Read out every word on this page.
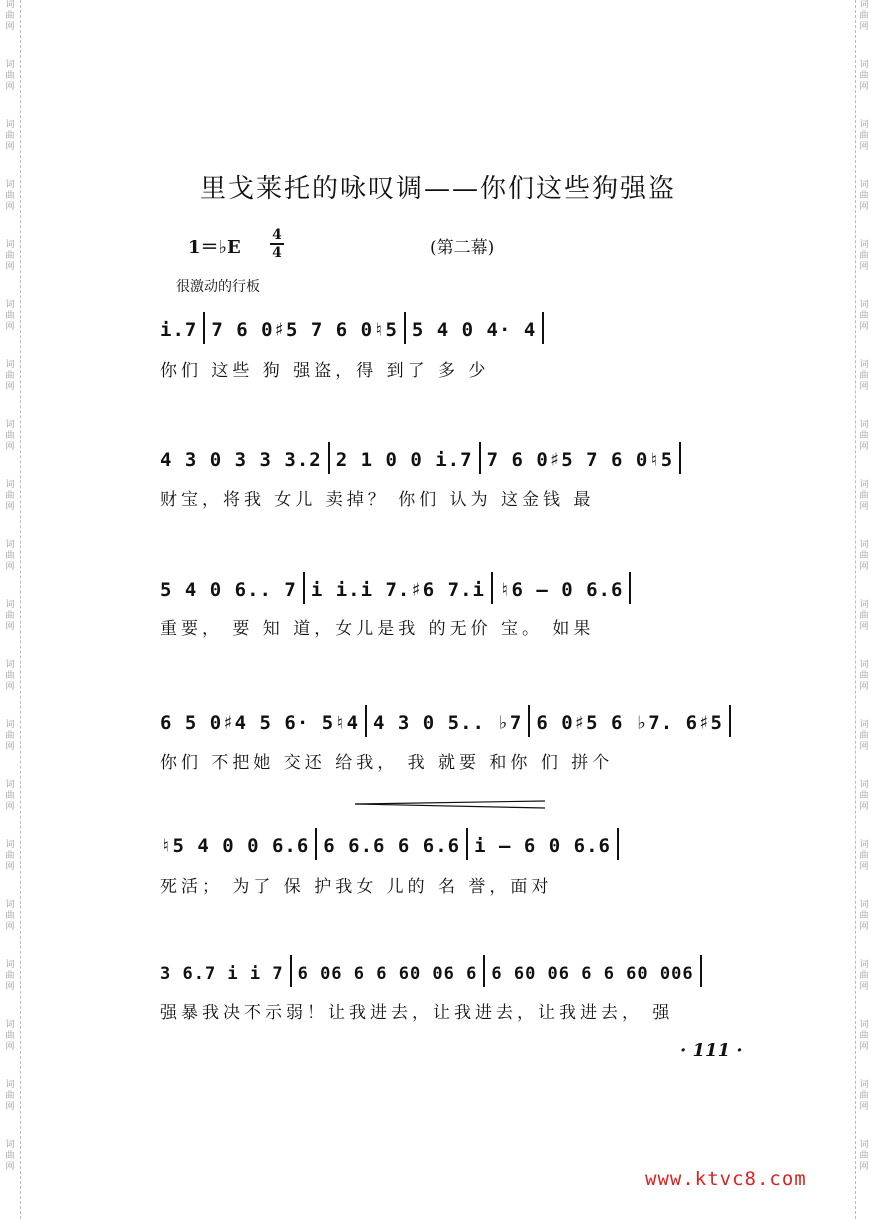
词
曲
网
词
曲
网
词
曲
网
词
曲
网
词
曲
网
词
曲
网
词
曲
网
词
曲
网
词
曲
网
词
曲
网
词
曲
网
词
曲
网
词
曲
网
词
曲
网
词
曲
网
词
曲
网
词
曲
网
词
曲
网
词
曲
网
词
曲
网
词
曲
网
词
曲
网
词
曲
网
词
曲
网
词
曲
网
词
曲
网
词
曲
网
词
曲
网
词
曲
网
词
曲
网
词
曲
网
词
曲
网
词
曲
网
词
曲
网
词
曲
网
词
曲
网
词
曲
网
词
曲
网
词
曲
网
词
曲
网
里戈莱托的咏叹调——你们这些狗强盗
1＝♭E
4
4	(第二幕)
很激动的行板
i.7 7 6 0♯5 7 6 0♮5 5 4 0 4· 4
你们 这些 狗 强盗，得 到了 多 少
4 3 0 3 3 3.2 2 1 0 0 i.7 7 6 0♯5 7 6 0♮5
财宝，将我 女儿 卖掉？ 你们 认为 这金钱 最
5 4 0 6.. 7 i i.i 7.♯6 7.i ♮6 – 0 6.6
重要， 要 知 道，女儿是我 的无价 宝。 如果
6 5 0♯4 5 6· 5♮4 4 3 0 5.. ♭7 6 0♯5 6 ♭7. 6♯5
你们 不把她 交还 给我， 我 就要 和你 们 拼个
♮5 4 0 0 6.6 6 6.6 6 6.6 i – 6 0 6.6
死活； 为了 保 护我女 儿的 名 誉，面对
3 6.7 i i 7 6 06 6 6 60 06 6 6 60 06 6 6 60 006
强暴我决不示弱！让我进去，让我进去，让我进去， 强
· 111 ·
www.ktvc8.com
